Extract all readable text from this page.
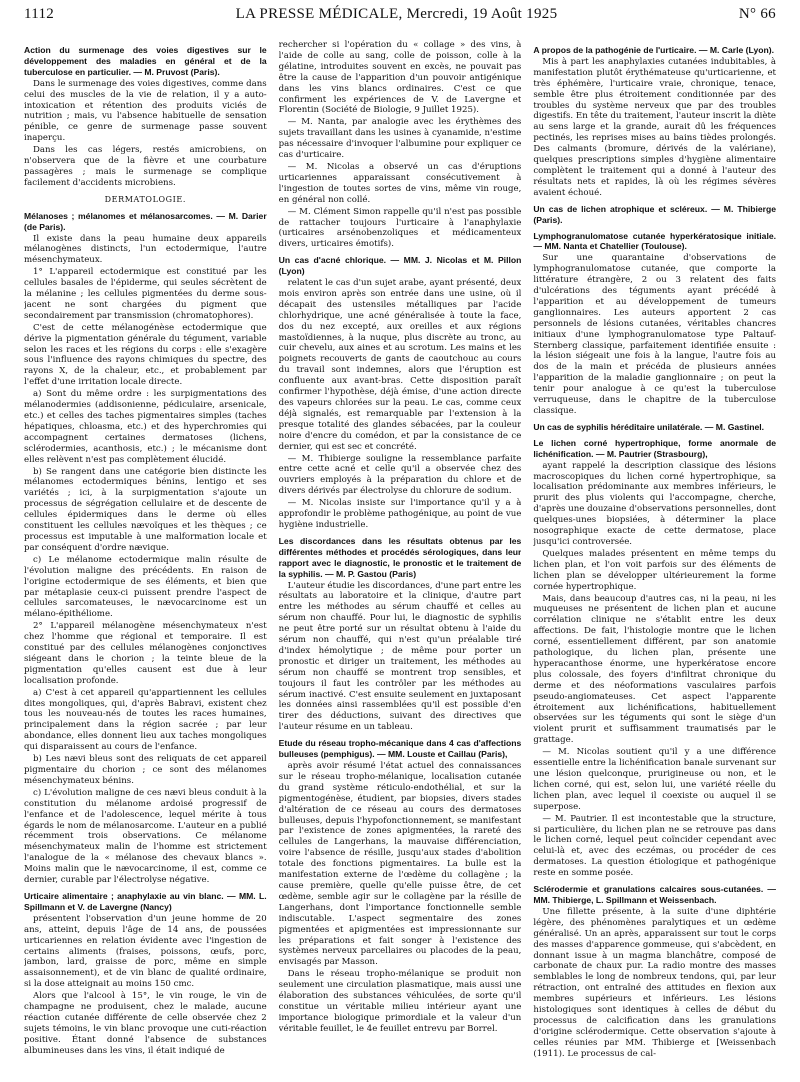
1112	LA PRESSE MÉDICALE, Mercredi, 19 Août 1925	N° 66

Action du surmenage des voies digestives sur le développement des maladies en général et de la tuberculose en particulier. — M. Pruvost (Paris).

Dans le surmenage des voies digestives, comme dans celui des muscles de la vie de relation, il y a auto-intoxication et rétention des produits viciés de nutrition ; mais, vu l'absence habituelle de sensation pénible, ce genre de surmenage passe souvent inaperçu.

Dans les cas légers, restés amicrobiens, on n'observera que de la fièvre et une courbature passagères ; mais le surmenage se complique facilement d'accidents microbiens.

DERMATOLOGIE.

Mélanoses ; mélanomes et mélanosarcomes. — M. Darier (de Paris).

Il existe dans la peau humaine deux appareils mélanogènes distincts, l'un ectodermique, l'autre mésenchymateux.

1° L'appareil ectodermique est constitué par les cellules basales de l'épiderme, qui seules sécrètent de la mélanine ; les cellules pigmentées du derme sous-jacent ne sont chargées du pigment que secondairement par transmission (chromatophores).

C'est de cette mélanogénèse ectodermique que dérive la pigmentation générale du tégument, variable selon les races et les régions du corps : elle s'exagère sous l'influence des rayons chimiques du spectre, des rayons X, de la chaleur, etc., et probablement par l'effet d'une irritation locale directe.

a) Sont du même ordre : les surpigmentations des mélanodermies (addisonienne, pédiculaire, arsenicale, etc.) et celles des taches pigmentaires simples (taches hépatiques, chloasma, etc.) et des hyperchromies qui accompagnent certaines dermatoses (lichens, sclérodermies, acanthosis, etc.) ; le mécanisme dont elles relèvent n'est pas complètement élucidé.

b) Se rangent dans une catégorie bien distincte les mélanomes ectodermiques bénins, lentigo et ses variétés ; ici, à la surpigmentation s'ajoute un processus de ségrégation cellulaire et de descente de cellules épidermiques dans le derme où elles constituent les cellules nævoïques et les thèques ; ce processus est imputable à une malformation locale et par conséquent d'ordre nævique.

c) Le mélanome ectodermique malin résulte de l'évolution maligne des précédents. En raison de l'origine ectodermique de ses éléments, et bien que par métaplasie ceux-ci puissent prendre l'aspect de cellules sarcomateuses, le nævocarcinome est un mélano-épithéliome.

2° L'appareil mélanogène mésenchymateux n'est chez l'homme que régional et temporaire. Il est constitué par des cellules mélanogènes conjonctives siégeant dans le chorion ; la teinte bleue de la pigmentation qu'elles causent est due à leur localisation profonde.

a) C'est à cet appareil qu'appartiennent les cellules dites mongoliques, qui, d'après Babravi, existent chez tous les nouveau-nés de toutes les races humaines, principalement dans la région sacrée ; par leur abondance, elles donnent lieu aux taches mongoliques qui disparaissent au cours de l'enfance.

b) Les nævi bleus sont des reliquats de cet appareil pigmentaire du chorion ; ce sont des mélanomes mésenchymateux bénins.

c) L'évolution maligne de ces nævi bleus conduit à la constitution du mélanome ardoisé progressif de l'enfance et de l'adolescence, lequel mérite à tous égards le nom de mélanosarcome. L'auteur en a publié récemment trois observations. Ce mélanome mésenchymateux malin de l'homme est strictement l'analogue de la « mélanose des chevaux blancs ». Moins malin que le nævocarcinome, il est, comme ce dernier, curable par l'électrolyse négative.

Urticaire alimentaire ; anaphylaxie au vin blanc. — MM. L. Spillmann et V. de Lavergne (Nancy)

présentent l'observation d'un jeune homme de 20 ans, atteint, depuis l'âge de 14 ans, de poussées urticariennes en relation évidente avec l'ingestion de certains aliments (fraises, poissons, œufs, porc, jambon, lard, graisse de porc, même en simple assaisonnement), et de vin blanc de qualité ordinaire, si la dose atteignait au moins 150 cmc.

Alors que l'alcool à 15°, le vin rouge, le vin de champagne ne produisent, chez le malade, aucune réaction cutanée différente de celle observée chez 2 sujets témoins, le vin blanc provoque une cuti-réaction positive. Étant donné l'absence de substances albumineuses dans les vins, il était indiqué de

rechercher si l'opération du « collage » des vins, à l'aide de colle au sang, colle de poisson, colle à la gélatine, introduites souvent en excès, ne pouvait pas être la cause de l'apparition d'un pouvoir antigénique dans les vins blancs ordinaires. C'est ce que confirment les expériences de V. de Lavergne et Florentin (Société de Biologie, 9 Juillet 1925).

— M. Nanta, par analogie avec les érythèmes des sujets travaillant dans les usines à cyanamide, n'estime pas nécessaire d'invoquer l'albumine pour expliquer ce cas d'urticaire.

— M. Nicolas a observé un cas d'éruptions urticariennes apparaissant consécutivement à l'ingestion de toutes sortes de vins, même vin rouge, en général non collé.

— M. Clément Simon rappelle qu'il n'est pas possible de rattacher toujours l'urticaire à l'anaphylaxie (urticaires arsénobenzoliques et médicamenteux divers, urticaires émotifs).

Un cas d'acné chlorique. — MM. J. Nicolas et M. Pillon (Lyon)

relatent le cas d'un sujet arabe, ayant présenté, deux mois environ après son entrée dans une usine, où il décapait des ustensiles métalliques par l'acide chlorhydrique, une acné généralisée à toute la face, dos du nez excepté, aux oreilles et aux régions mastoïdiennes, à la nuque, plus discrète au tronc, au cuir chevelu, aux aines et au scrotum. Les mains et les poignets recouverts de gants de caoutchouc au cours du travail sont indemnes, alors que l'éruption est confluente aux avant-bras. Cette disposition paraît confirmer l'hypothèse, déjà émise, d'une action directe des vapeurs chlorées sur la peau. Le cas, comme ceux déjà signalés, est remarquable par l'extension à la presque totalité des glandes sébacées, par la couleur noire d'encre du comédon, et par la consistance de ce dernier, qui est sec et concrété.

— M. Thibierge souligne la ressemblance parfaite entre cette acné et celle qu'il a observée chez des ouvriers employés à la préparation du chlore et de divers dérivés par électrolyse du chlorure de sodium.

— M. Nicolas insiste sur l'importance qu'il y a à approfondir le problème pathogénique, au point de vue hygiène industrielle.

Les discordances dans les résultats obtenus par les différentes méthodes et procédés sérologiques, dans leur rapport avec le diagnostic, le pronostic et le traitement de la syphilis. — M. P. Gastou (Paris)

L'auteur étudie les discordances, d'une part entre les résultats au laboratoire et la clinique, d'autre part entre les méthodes au sérum chauffé et celles au sérum non chauffé. Pour lui, le diagnostic de syphilis ne peut être porté sur un résultat obtenu à l'aide du sérum non chauffé, qui n'est qu'un préalable tiré d'index hémolytique ; de même pour porter un pronostic et diriger un traitement, les méthodes au sérum non chauffé se montrent trop sensibles, et toujours il faut les contrôler par les méthodes au sérum inactivé. C'est ensuite seulement en juxtaposant les données ainsi rassemblées qu'il est possible d'en tirer des déductions, suivant des directives que l'auteur résume en un tableau.

Etude du réseau tropho-mécanique dans 4 cas d'affections bulleuses (pemphigus). — MM. Louste et Caillau (Paris),

après avoir résumé l'état actuel des connaissances sur le réseau tropho-mélanique, localisation cutanée du grand système réticulo-endothélial, et sur la pigmentogénèse, étudient, par biopsies, divers stades d'altération de ce réseau au cours des dermatoses bulleuses, depuis l'hypofonctionnement, se manifestant par l'existence de zones apigmentées, la rareté des cellules de Langerhans, la mauvaise différenciation, voire l'absence de résille, jusqu'aux stades d'abolition totale des fonctions pigmentaires. La bulle est la manifestation externe de l'œdème du collagène ; la cause première, quelle qu'elle puisse être, de cet œdème, semble agir sur le collagène par la résille de Langerhans, dont l'importance fonctionnelle semble indiscutable. L'aspect segmentaire des zones pigmentées et apigmentées est impressionnante sur les préparations et fait songer à l'existence des systèmes nerveux parcellaires ou placodes de la peau, envisagés par Masson.

Dans le réseau tropho-mélanique se produit non seulement une circulation plasmatique, mais aussi une élaboration des substances véhiculées, de sorte qu'il constitue un véritable milieu intérieur ayant une importance biologique primordiale et la valeur d'un véritable feuillet, le 4e feuillet entrevu par Borrel.

A propos de la pathogénie de l'urticaire. — M. Carle (Lyon).

Mis à part les anaphylaxies cutanées indubitables, à manifestation plutôt érythémateuse qu'urticarienne, et très éphémère, l'urticaire vraie, chronique, tenace, semble être plus étroitement conditionnée par des troubles du système nerveux que par des troubles digestifs. En tête du traitement, l'auteur inscrit la diète au sens large et la grande, aurait dû les fréquences pectinés, les reprises mises au bains tièdes prolongés. Des calmants (bromure, dérivés de la valériane), quelques prescriptions simples d'hygiène alimentaire complètent le traitement qui a donné à l'auteur des résultats nets et rapides, là où les régimes sévères avaient échoué.

Un cas de lichen atrophique et scléreux. — M. Thibierge (Paris).

Lymphogranulomatose cutanée hyperkératosique initiale. — MM. Nanta et Chatellier (Toulouse).

Sur une quarantaine d'observations de lymphogranulomatose cutanée, que comporte la littérature étrangère, 2 ou 3 relatent des faits d'ulcérations des téguments ayant précédé à l'apparition et au développement de tumeurs ganglionnaires. Les auteurs apportent 2 cas personnels de lésions cutanées, véritables chancres initiaux d'une lymphogranulomatose type Paltauf-Sternberg classique, parfaitement identifiée ensuite : la lésion siégeait une fois à la langue, l'autre fois au dos de la main et précéda de plusieurs années l'apparition de la maladie ganglionnaire ; on peut la tenir pour analogue à ce qu'est la tuberculose verruqueuse, dans le chapitre de la tuberculose classique.

Un cas de syphilis héréditaire unilatérale. — M. Gastinel.

Le lichen corné hypertrophique, forme anormale de lichénification. — M. Pautrier (Strasbourg),

ayant rappelé la description classique des lésions macroscopiques du lichen corné hypertrophique, sa localisation prédominante aux membres inférieurs, le prurit des plus violents qui l'accompagne, cherche, d'après une douzaine d'observations personnelles, dont quelques-unes biopsiées, à déterminer la place nosographique exacte de cette dermatose, place jusqu'ici controversée.

Quelques malades présentent en même temps du lichen plan, et l'on voit parfois sur des éléments de lichen plan se développer ultérieurement la forme cornée hypertrophique.

Mais, dans beaucoup d'autres cas, ni la peau, ni les muqueuses ne présentent de lichen plan et aucune corrélation clinique ne s'établit entre les deux affections. De fait, l'histologie montre que le lichen corné, essentiellement différent, par son anatomie pathologique, du lichen plan, présente une hyperacanthose énorme, une hyperkératose encore plus colossale, des foyers d'infiltrat chronique du derme et des néoformations vasculaires parfois pseudo-angiomateuses. Cet aspect l'apparente étroitement aux lichénifications, habituellement observées sur les téguments qui sont le siège d'un violent prurit et suffisamment traumatisés par le grattage.

— M. Nicolas soutient qu'il y a une différence essentielle entre la lichénification banale survenant sur une lésion quelconque, prurigineuse ou non, et le lichen corné, qui est, selon lui, une variété réelle du lichen plan, avec lequel il coexiste ou auquel il se superpose.

— M. Pautrier. Il est incontestable que la structure, si particulière, du lichen plan ne se retrouve pas dans le lichen corné, lequel peut coïncider cependant avec celui-là et, avec des eczémas, ou procéder de ces dermatoses. La question étiologique et pathogénique reste en somme posée.

Sclérodermie et granulations calcaires sous-cutanées. — MM. Thibierge, L. Spillmann et Weissenbach.

Une fillette présente, à la suite d'une diphtérie légère, des phénomènes paralytiques et un œdème généralisé. Un an après, apparaissent sur tout le corps des masses d'apparence gommeuse, qui s'abcèdent, en donnant issue à un magma blanchâtre, composé de carbonate de chaux pur. La radio montre des masses semblables le long de nombreux tendons, qui, par leur rétraction, ont entraîné des attitudes en flexion aux membres supérieurs et inférieurs. Les lésions histologiques sont identiques à celles de début du processus de calcification dans les granulations d'origine sclérodermique. Cette observation s'ajoute à celles réunies par MM. Thibierge et [Weissenbach (1911). Le processus de cal-
